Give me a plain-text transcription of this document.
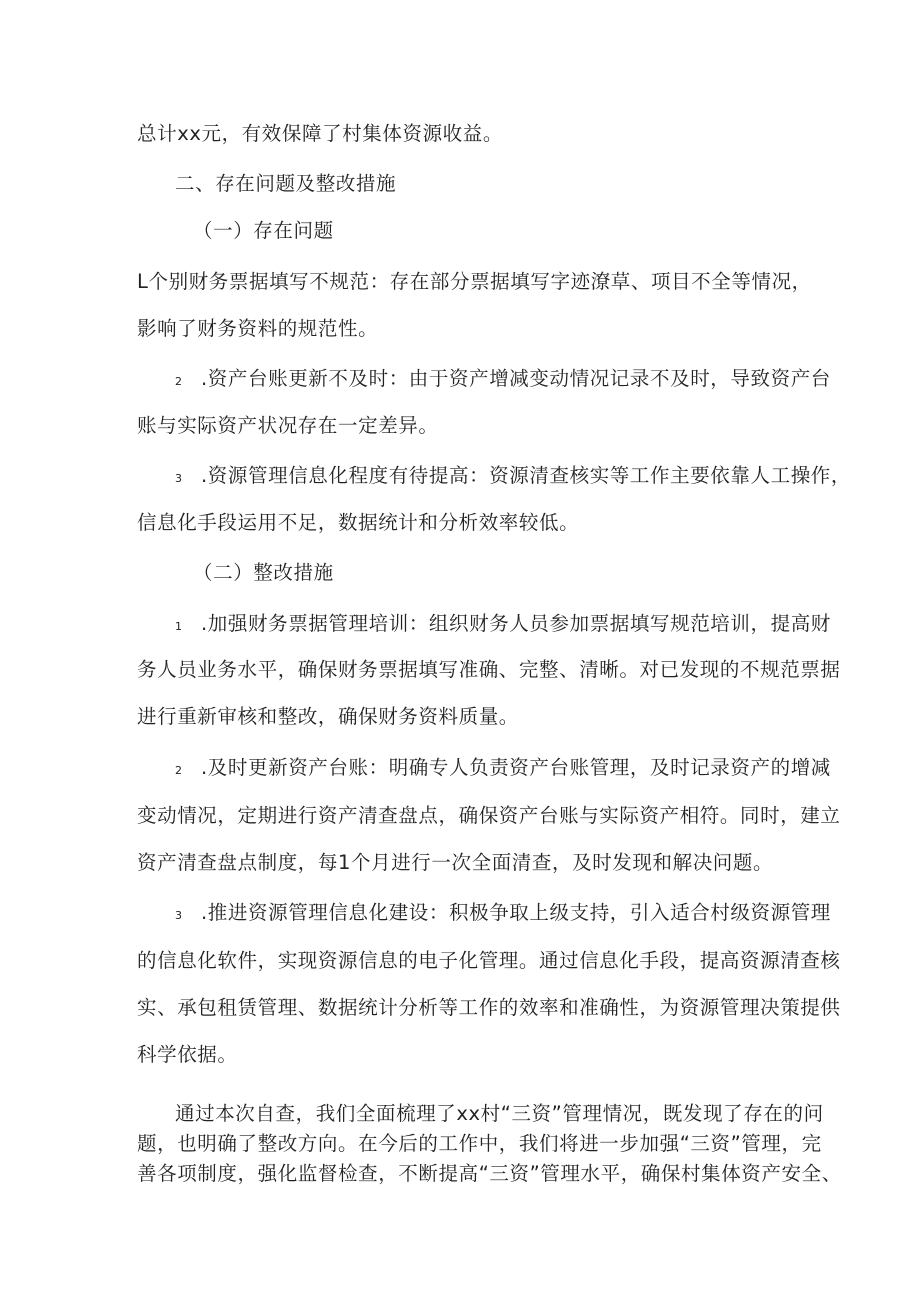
总计xx元，有效保障了村集体资源收益。
二、存在问题及整改措施
（一）存在问题
L个别财务票据填写不规范：存在部分票据填写字迹潦草、项目不全等情况，
影响了财务资料的规范性。
2 .资产台账更新不及时：由于资产增减变动情况记录不及时，导致资产台
账与实际资产状况存在一定差异。
3 .资源管理信息化程度有待提高：资源清查核实等工作主要依靠人工操作，
信息化手段运用不足，数据统计和分析效率较低。
（二）整改措施
1 .加强财务票据管理培训：组织财务人员参加票据填写规范培训，提高财
务人员业务水平，确保财务票据填写准确、完整、清晰。对已发现的不规范票据
进行重新审核和整改，确保财务资料质量。
2 .及时更新资产台账：明确专人负责资产台账管理，及时记录资产的增减
变动情况，定期进行资产清查盘点，确保资产台账与实际资产相符。同时，建立
资产清查盘点制度，每1个月进行一次全面清查，及时发现和解决问题。
3 .推进资源管理信息化建设：积极争取上级支持，引入适合村级资源管理
的信息化软件，实现资源信息的电子化管理。通过信息化手段，提高资源清查核
实、承包租赁管理、数据统计分析等工作的效率和准确性，为资源管理决策提供
科学依据。
通过本次自查，我们全面梳理了xx村“三资”管理情况，既发现了存在的问
题，也明确了整改方向。在今后的工作中，我们将进一步加强“三资”管理，完
善各项制度，强化监督检查，不断提高“三资”管理水平，确保村集体资产安全、
